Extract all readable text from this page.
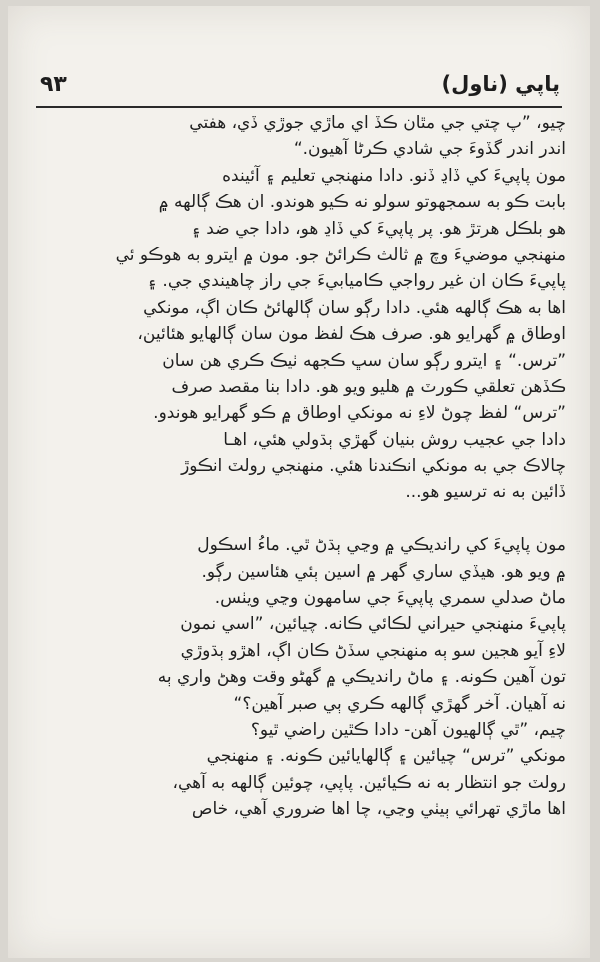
پاپي (ناول)
٩٣
چيو، ”پ چتي جي مٿان ڪڏ اي ماڙي جوڙي ڏي، هفتي
اندر اندر گڏوءَ جي شادي ڪرڻا آهيون.“
مون پاپيءَ کي ڏاڍ ڏنو. دادا منهنجي تعليم ۽ آئينده
بابت ڪو به سمجهوتو سولو نه ڪيو هوندو. ان هڪ ڳالهه ۾
هو بلڪل هرتڙ هو. پر پاپيءَ کي ڏاڍ هو، دادا جي ضد ۽
منهنجي موضيءَ وچ ۾ ثالث ڪرائڻ جو. مون ۾ ايترو به هوڪو ئي
پاپيءَ ڪان ان غير رواجي ڪاميابيءَ جي راز چاهيندي جي. ۽
اها به هڪ ڳالهه هئي. دادا رڳو سان ڳالهائڻ ڪان اڳ، مونکي
اوطاق ۾ گهرايو هو. صرف هڪ لفظ مون سان ڳالهايو هئائين،
”ترس.“ ۽ ايترو رڳو سان سڀ ڪجهه ٺيڪ ڪري هن سان
ڪڏهن تعلقي ڪورٽ ۾ هليو ويو هو. دادا بنا مقصد صرف
”ترس“ لفظ چوڻ لاءِ نه مونکي اوطاق ۾ ڪو گهرايو هوندو.
دادا جي عجيب روش بنيان گهڙي ٻڌولي هئي، اهـا
چالاڪ جي به مونکي انڪندنا هئي. منهنجي رولٽ انڪوڙ
ڏائين به نه ترسيو هو...
مون پاپيءَ کي رانديڪي ۾ وڃي ٻڌڻ ٿي. ماءُ اسڪول
۾ ويو هو. هيڏي ساري گهر ۾ اسين ٻئي هئاسين رڳو.
ماڻ صدلي سمري پاپيءَ جي سامهون وڃي ويٺس.
پاپيءَ منهنجي حيراني لڪائي ڪانه. چيائين، ”اسي نمون
لاءِ آيو هجين سو ٻه منهنجي سڏڻ ڪان اڳ، اهڙو ٻڌوڙي
تون آهين ڪونه. ۽ ماڻ رانديڪي ۾ گهڻو وقت وهڻ واري ٻه
نه آهيان. آخر گهڙي ڳالهه ڪري ٻي صبر آهين؟“
چيم، ”ٿي ڳالهيون آهن- دادا ڪٿين راضي ٿيو؟
مونکي ”ترس“ چيائين ۽ ڳالهايائين ڪونه. ۽ منهنجي
رولٽ جو انتظار به نه ڪيائين. پاپي، چوئين ڳالهه به آهي،
اها ماڙي تهرائي ٻيٺي وڃي، چا اها ضروري آهي، خاص
